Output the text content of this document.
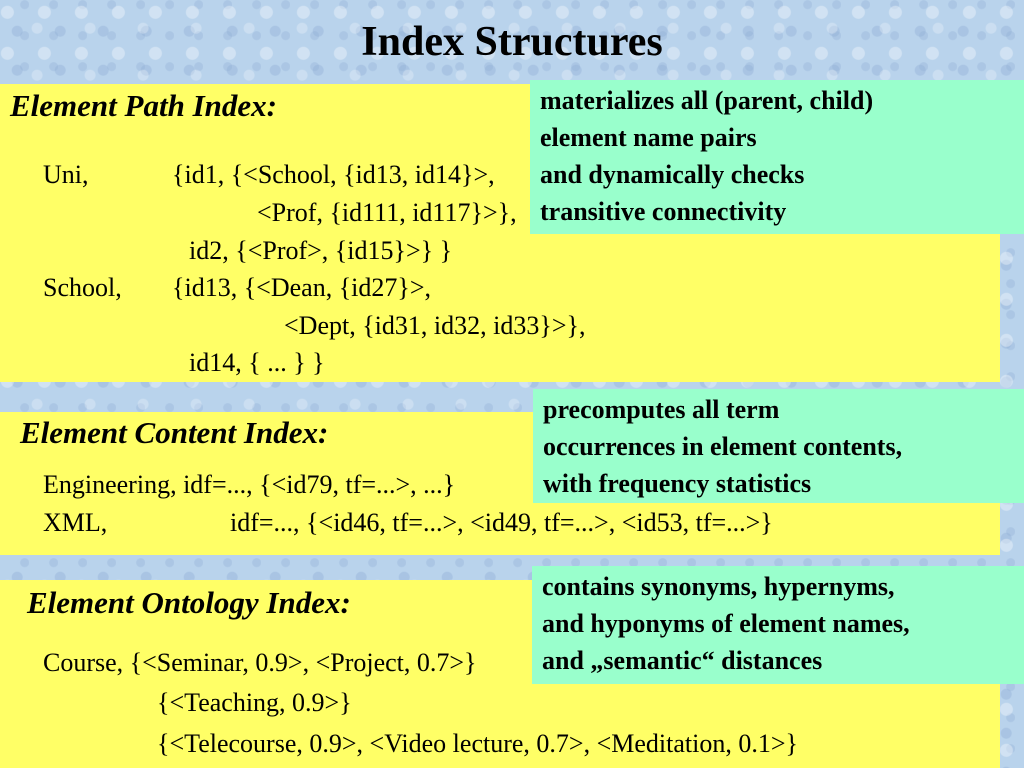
Index Structures
Element Path Index:
Uni,	{id1, {<School, {id13, id14}>,
<Prof, {id111, id117}>},
id2, {<Prof>, {id15}>} }
School, {id13, {<Dean, {id27}>,
<Dept, {id31, id32, id33}>},
id14, { ... } }
materializes all (parent, child)
element name pairs
and dynamically checks
transitive connectivity
Element Content Index:
Engineering, idf=..., {<id79, tf=...>, ...}
XML,	idf=..., {<id46, tf=...>, <id49, tf=...>, <id53, tf=...>}
precomputes all term
occurrences in element contents,
with frequency statistics
Element Ontology Index:
Course, {<Seminar, 0.9>, <Project, 0.7>}
{<Teaching, 0.9>}
{<Telecourse, 0.9>, <Video lecture, 0.7>, <Meditation, 0.1>}
contains synonyms, hypernyms,
and hyponyms of element names,
and „semantic“ distances
